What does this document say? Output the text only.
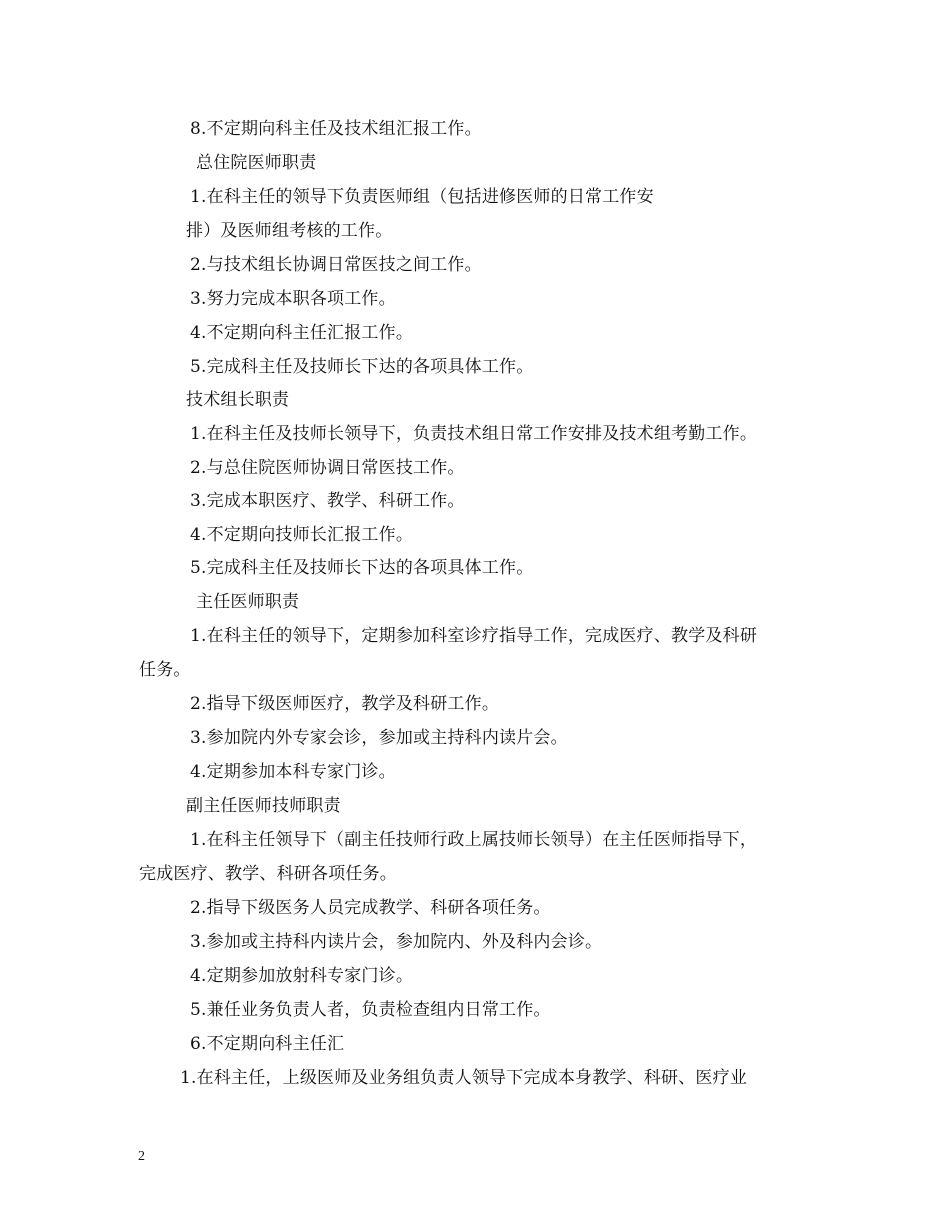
8.不定期向科主任及技术组汇报工作。
总住院医师职责
1.在科主任的领导下负责医师组（包括进修医师的日常工作安
排）及医师组考核的工作。
2.与技术组长协调日常医技之间工作。
3.努力完成本职各项工作。
4.不定期向科主任汇报工作。
5.完成科主任及技师长下达的各项具体工作。
技术组长职责
1.在科主任及技师长领导下，负责技术组日常工作安排及技术组考勤工作。
2.与总住院医师协调日常医技工作。
3.完成本职医疗、教学、科研工作。
4.不定期向技师长汇报工作。
5.完成科主任及技师长下达的各项具体工作。
主任医师职责
1.在科主任的领导下，定期参加科室诊疗指导工作，完成医疗、教学及科研
任务。
2.指导下级医师医疗，教学及科研工作。
3.参加院内外专家会诊，参加或主持科内读片会。
4.定期参加本科专家门诊。
副主任医师技师职责
1.在科主任领导下（副主任技师行政上属技师长领导）在主任医师指导下，
完成医疗、教学、科研各项任务。
2.指导下级医务人员完成教学、科研各项任务。
3.参加或主持科内读片会，参加院内、外及科内会诊。
4.定期参加放射科专家门诊。
5.兼任业务负责人者，负责检查组内日常工作。
6.不定期向科主任汇
1.在科主任，上级医师及业务组负责人领导下完成本身教学、科研、医疗业
2
